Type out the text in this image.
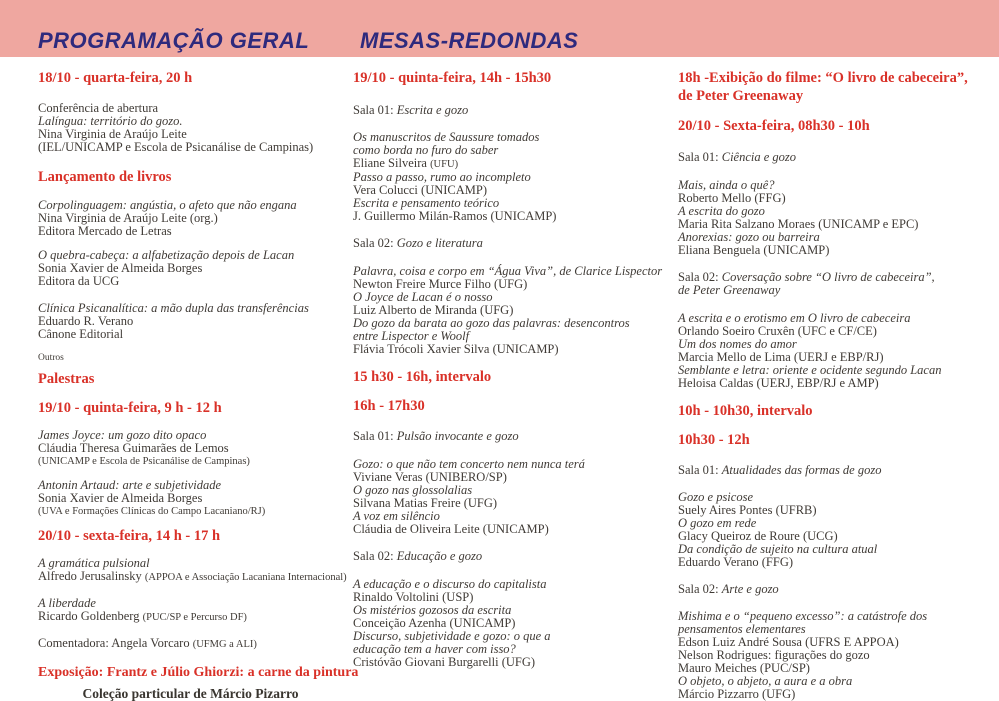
PROGRAMAÇÃO GERAL MESAS-REDONDAS
18/10 - quarta-feira, 20 h
Conferência de abertura
Lalíngua: território do gozo.
Nina Virginia de Araújo Leite
(IEL/UNICAMP e Escola de Psicanálise de Campinas)
Lançamento de livros
Corpolinguagem: angústia, o afeto que não engana
Nina Virginia de Araújo Leite (org.)
Editora Mercado de Letras
O quebra-cabeça: a alfabetização depois de Lacan
Sonia Xavier de Almeida Borges
Editora da UCG
Clínica Psicanalítica: a mão dupla das transferências
Eduardo R. Verano
Cânone Editorial
Outros
Palestras
19/10 - quinta-feira, 9 h - 12 h
James Joyce: um gozo dito opaco
Cláudia Theresa Guimarães de Lemos
(UNICAMP e Escola de Psicanálise de Campinas)
Antonin Artaud: arte e subjetividade
Sonia Xavier de Almeida Borges
(UVA e Formações Clínicas do Campo Lacaniano/RJ)
20/10 - sexta-feira, 14 h - 17 h
A gramática pulsional
Alfredo Jerusalinsky (APPOA e Associação Lacaniana Internacional)
A liberdade
Ricardo Goldenberg (PUC/SP e Percurso DF)
Comentadora: Angela Vorcaro (UFMG a ALI)
Exposição: Frantz e Júlio Ghiorzi: a carne da pintura
Coleção particular de Márcio Pizarro
19/10 - quinta-feira, 14h - 15h30
Sala 01: Escrita e gozo
Os manuscritos de Saussure tomados
como borda no furo do saber
Eliane Silveira (UFU)
Passo a passo, rumo ao incompleto
Vera Colucci (UNICAMP)
Escrita e pensamento teórico
J. Guillermo Milán-Ramos (UNICAMP)
Sala 02: Gozo e literatura
Palavra, coisa e corpo em “Água Viva”, de Clarice Lispector
Newton Freire Murce Filho (UFG)
O Joyce de Lacan é o nosso
Luiz Alberto de Miranda (UFG)
Do gozo da barata ao gozo das palavras: desencontros
entre Lispector e Woolf
Flávia Trócoli Xavier Silva (UNICAMP)
15 h30 - 16h, intervalo
16h - 17h30
Sala 01: Pulsão invocante e gozo
Gozo: o que não tem concerto nem nunca terá
Viviane Veras (UNIBERO/SP)
O gozo nas glossolalias
Silvana Matias Freire (UFG)
A voz em silêncio
Cláudia de Oliveira Leite (UNICAMP)
Sala 02: Educação e gozo
A educação e o discurso do capitalista
Rinaldo Voltolini (USP)
Os mistérios gozosos da escrita
Conceição Azenha (UNICAMP)
Discurso, subjetividade e gozo: o que a
educação tem a haver com isso?
Cristóvão Giovani Burgarelli (UFG)
18h -Exibição do filme: “O livro de cabeceira”,
de Peter Greenaway
20/10 - Sexta-feira, 08h30 - 10h
Sala 01: Ciência e gozo
Mais, ainda o quê?
Roberto Mello (FFG)
A escrita do gozo
Maria Rita Salzano Moraes (UNICAMP e EPC)
Anorexias: gozo ou barreira
Eliana Benguela (UNICAMP)
Sala 02: Coversação sobre “O livro de cabeceira”,
de Peter Greenaway
A escrita e o erotismo em O livro de cabeceira
Orlando Soeiro Cruxên (UFC e CF/CE)
Um dos nomes do amor
Marcia Mello de Lima (UERJ e EBP/RJ)
Semblante e letra: oriente e ocidente segundo Lacan
Heloisa Caldas (UERJ, EBP/RJ e AMP)
10h - 10h30, intervalo
10h30 - 12h
Sala 01: Atualidades das formas de gozo
Gozo e psicose
Suely Aires Pontes (UFRB)
O gozo em rede
Glacy Queiroz de Roure (UCG)
Da condição de sujeito na cultura atual
Eduardo Verano (FFG)
Sala 02: Arte e gozo
Mishima e o “pequeno excesso”: a catástrofe dos
pensamentos elementares
Edson Luiz André Sousa (UFRS E APPOA)
Nelson Rodrigues: figurações do gozo
Mauro Meiches (PUC/SP)
O objeto, o abjeto, a aura e a obra
Márcio Pizzarro (UFG)
